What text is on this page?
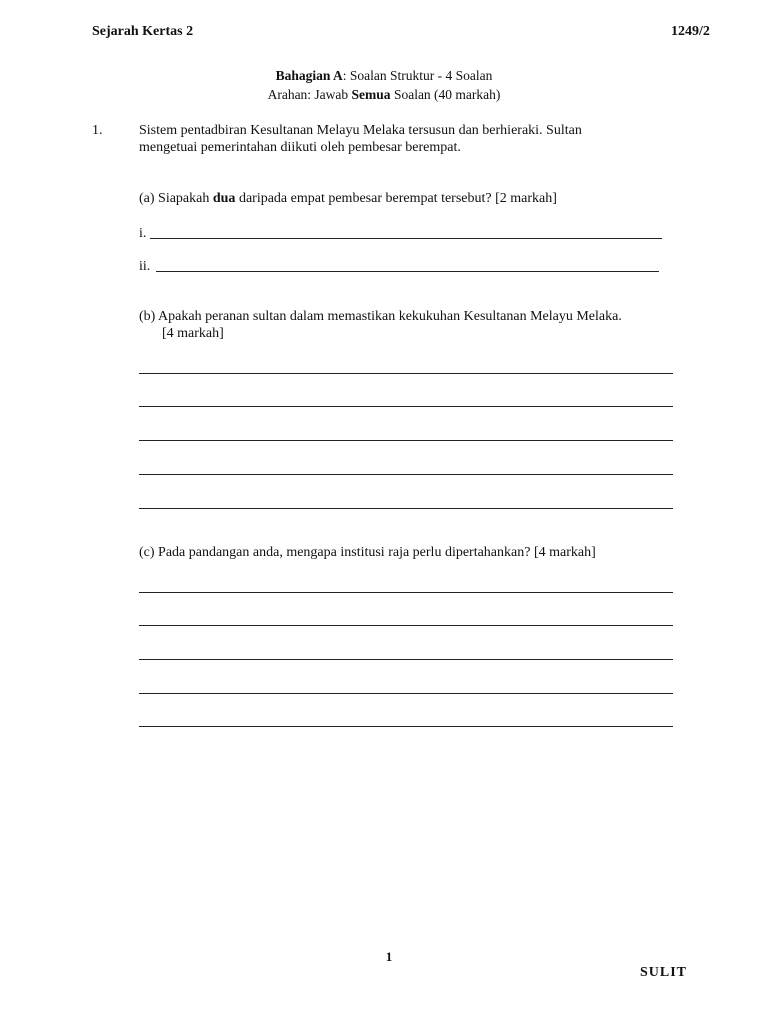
Sejarah Kertas 2	1249/2
Bahagian A: Soalan Struktur - 4 Soalan
Arahan: Jawab Semua Soalan (40 markah)
1.	Sistem pentadbiran Kesultanan Melayu Melaka tersusun dan berhieraki. Sultan
mengetuai pemerintahan diikuti oleh pembesar berempat.
(a) Siapakah dua daripada empat pembesar berempat tersebut? [2 markah]
i.
ii.
(b) Apakah peranan sultan dalam memastikan kekukuhan Kesultanan Melayu Melaka.
[4 markah]
(c) Pada pandangan anda, mengapa institusi raja perlu dipertahankan? [4 markah]
1
SULIT
